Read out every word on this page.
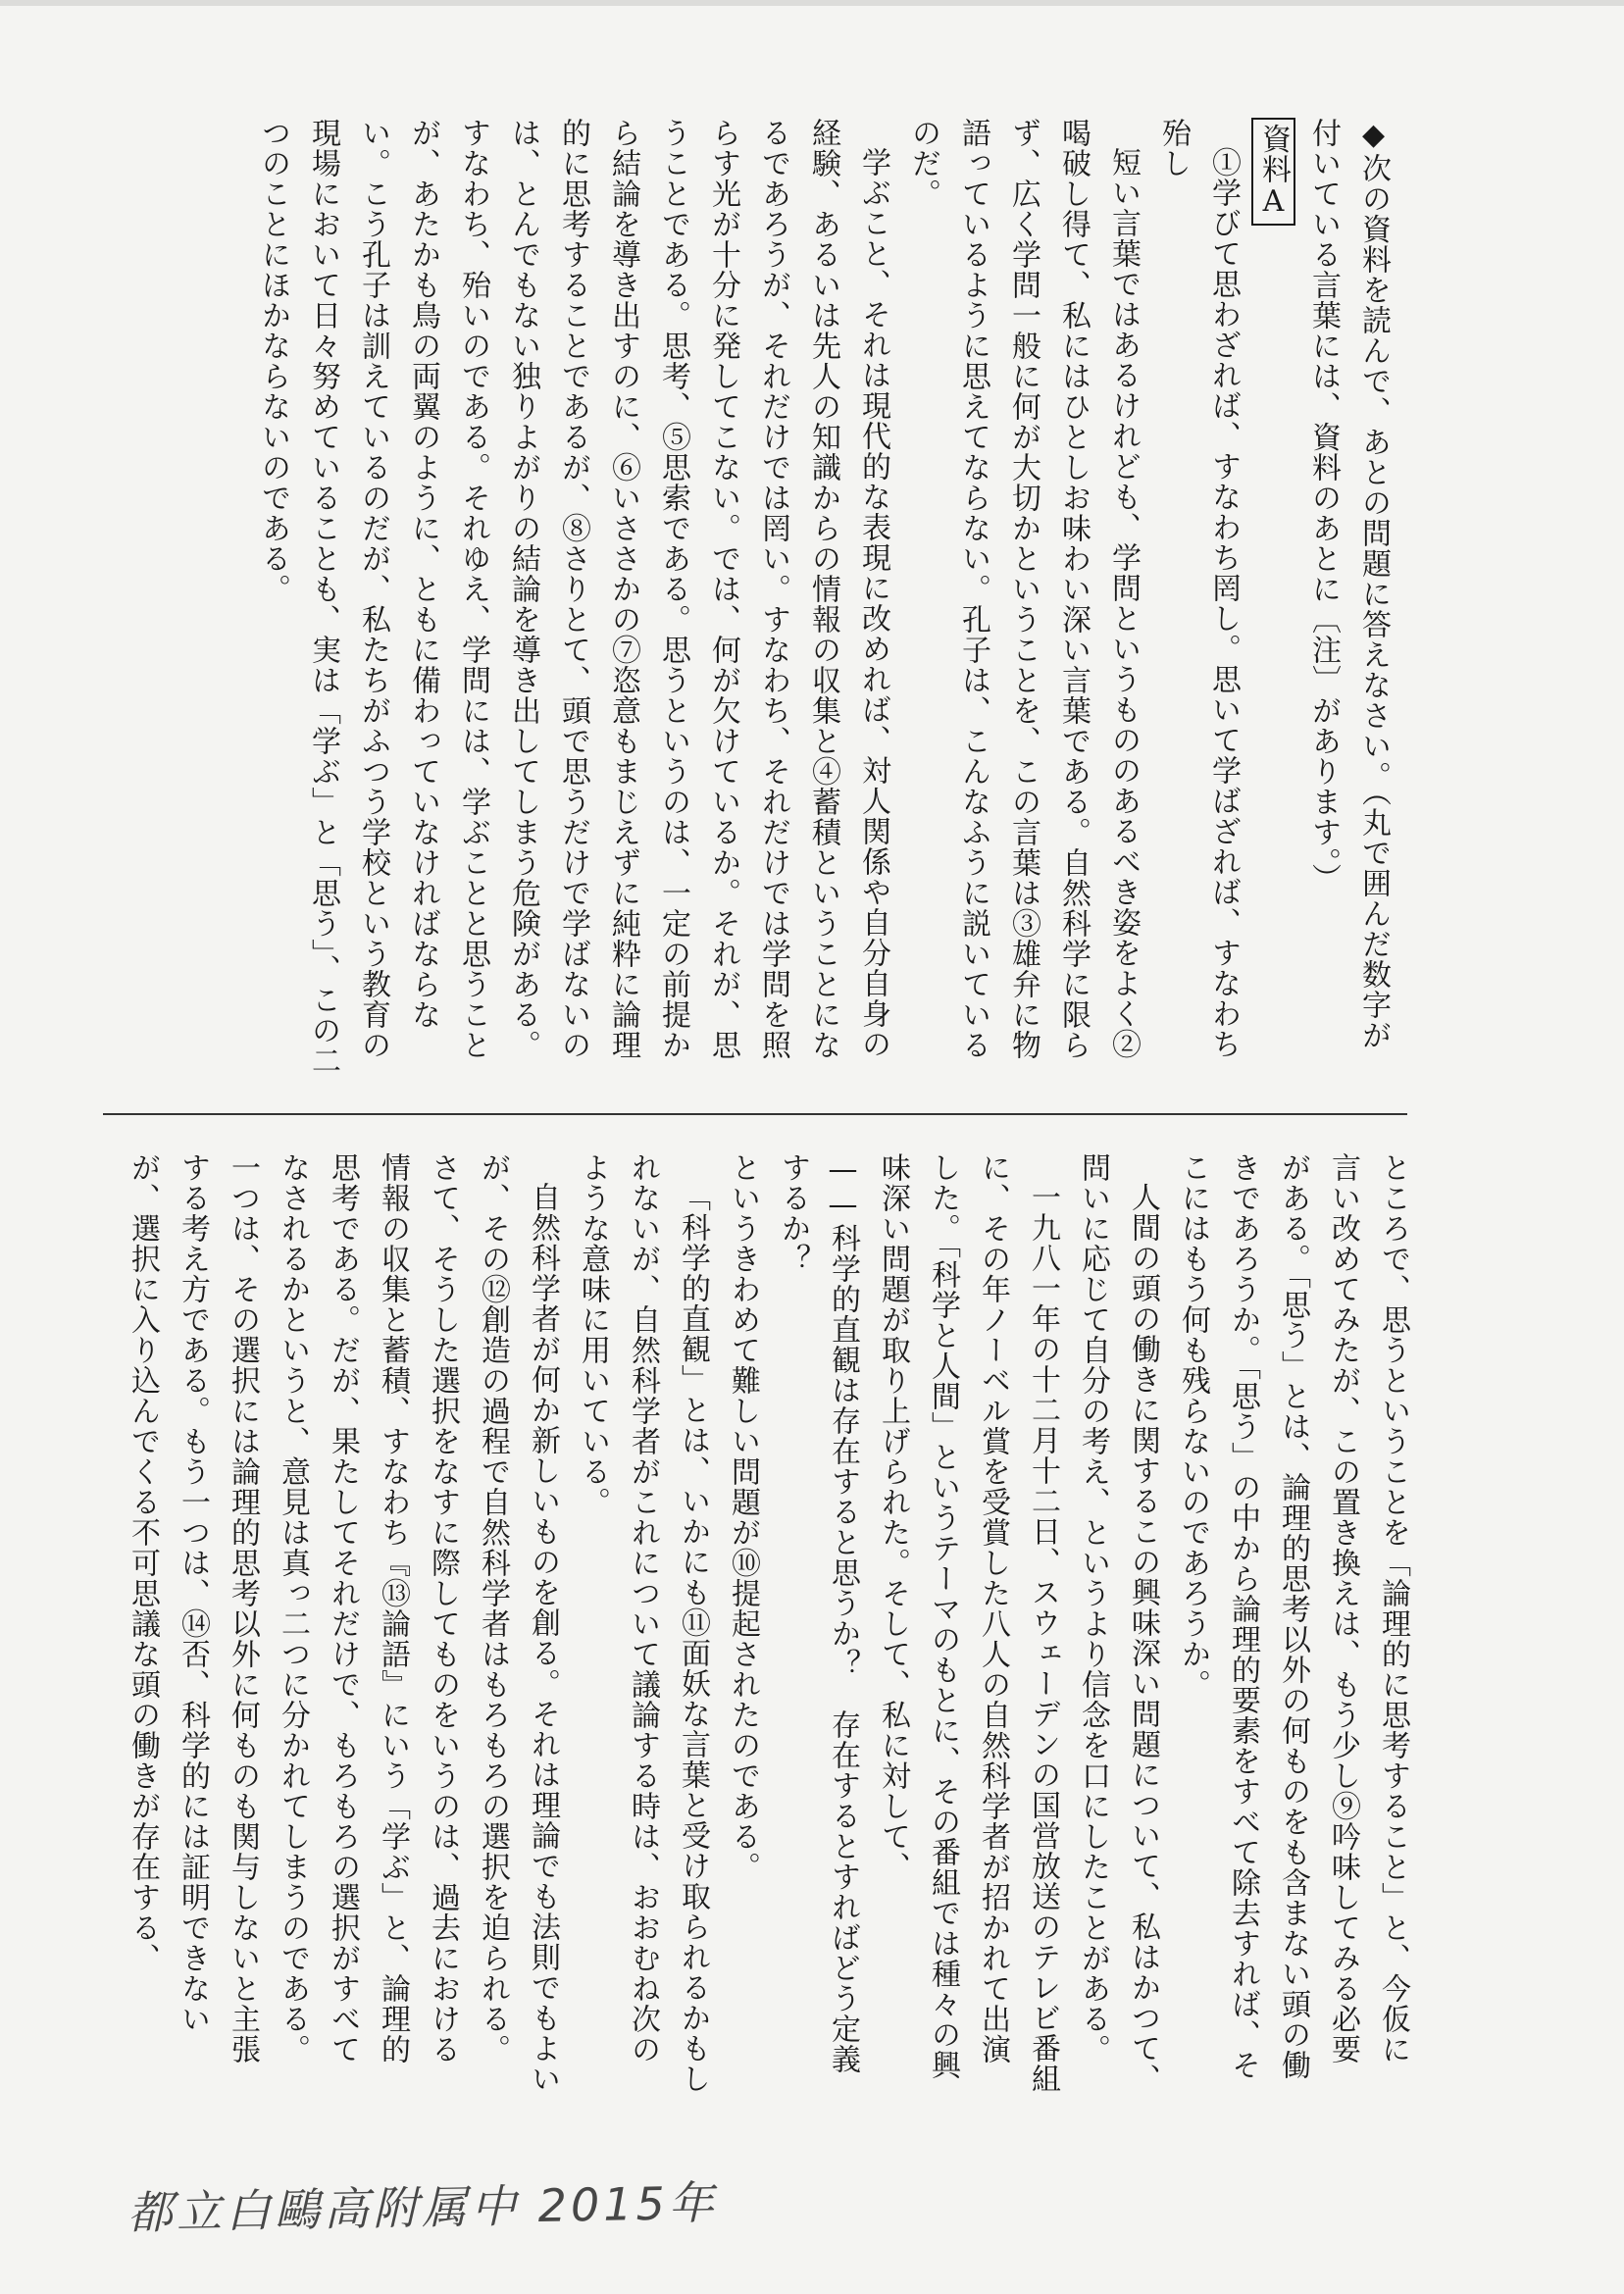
◆次の資料を読んで、あとの問題に答えなさい。（丸で囲んだ数字が付いている言葉には、資料のあとに〔注〕があります。）

資料A

①学びて思わざれば、すなわち罔し。思いて学ばざれば、すなわち殆し

短い言葉ではあるけれども、学問というもののあるべき姿をよく②喝破し得て、私にはひとしお味わい深い言葉である。自然科学に限らず、広く学問一般に何が大切かということを、この言葉は③雄弁に物語っているように思えてならない。孔子は、こんなふうに説いているのだ。

学ぶこと、それは現代的な表現に改めれば、対人関係や自分自身の経験、あるいは先人の知識からの情報の収集と④蓄積ということになるであろうが、それだけでは罔い。すなわち、それだけでは学問を照らす光が十分に発してこない。では、何が欠けているか。それが、思うことである。思考、⑤思索である。思うというのは、一定の前提から結論を導き出すのに、⑥いささかの⑦恣意もまじえずに純粋に論理的に思考することであるが、⑧さりとて、頭で思うだけで学ばないのは、とんでもない独りよがりの結論を導き出してしまう危険がある。すなわち、殆いのである。それゆえ、学問には、学ぶことと思うことが、あたかも鳥の両翼のように、ともに備わっていなければならない。こう孔子は訓えているのだが、私たちがふつう学校という教育の現場において日々努めていることも、実は「学ぶ」と「思う」、この二つのことにほかならないのである。

ところで、思うということを「論理的に思考すること」と、今仮に言い改めてみたが、この置き換えは、もう少し⑨吟味してみる必要がある。「思う」とは、論理的思考以外の何ものをも含まない頭の働きであろうか。「思う」の中から論理的要素をすべて除去すれば、そこにはもう何も残らないのであろうか。

人間の頭の働きに関するこの興味深い問題について、私はかつて、問いに応じて自分の考え、というより信念を口にしたことがある。

一九八一年の十二月十二日、スウェーデンの国営放送のテレビ番組に、その年ノーベル賞を受賞した八人の自然科学者が招かれて出演した。「科学と人間」というテーマのもとに、その番組では種々の興味深い問題が取り上げられた。そして、私に対して、

——科学的直観は存在すると思うか？　存在するとすればどう定義するか？

というきわめて難しい問題が⑩提起されたのである。

「科学的直観」とは、いかにも⑪面妖な言葉と受け取られるかもしれないが、自然科学者がこれについて議論する時は、おおむね次のような意味に用いている。

自然科学者が何か新しいものを創る。それは理論でも法則でもよいが、その⑫創造の過程で自然科学者はもろもろの選択を迫られる。さて、そうした選択をなすに際してものをいうのは、過去における情報の収集と蓄積、すなわち『⑬論語』にいう「学ぶ」と、論理的思考である。だが、果たしてそれだけで、もろもろの選択がすべてなされるかというと、意見は真っ二つに分かれてしまうのである。一つは、その選択には論理的思考以外に何ものも関与しないと主張する考え方である。もう一つは、⑭否、科学的には証明できないが、選択に入り込んでくる不可思議な頭の働きが存在する、

都立白鷗高附属中 2015年
